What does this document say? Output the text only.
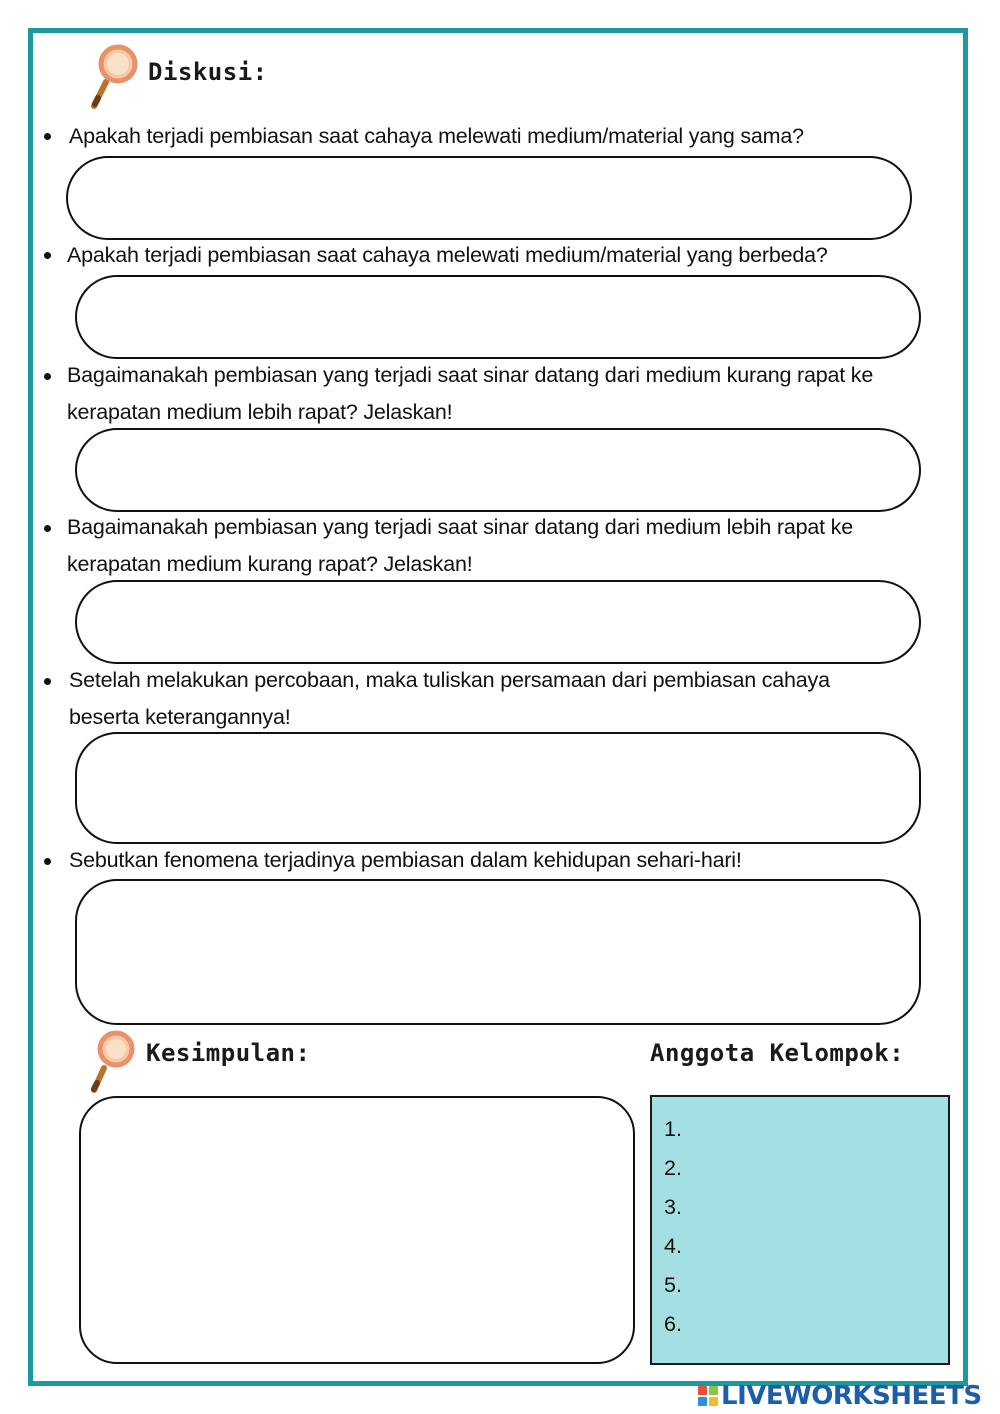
Diskusi:
Apakah terjadi pembiasan saat cahaya melewati medium/material yang sama?
Apakah terjadi pembiasan saat cahaya melewati medium/material yang berbeda?
Bagaimanakah pembiasan yang terjadi saat sinar datang dari medium kurang rapat ke
kerapatan medium lebih rapat? Jelaskan!
Bagaimanakah pembiasan yang terjadi saat sinar datang dari medium lebih rapat ke
kerapatan medium kurang rapat? Jelaskan!
Setelah melakukan percobaan, maka tuliskan persamaan dari pembiasan cahaya
beserta keterangannya!
Sebutkan fenomena terjadinya pembiasan dalam kehidupan sehari-hari!
Kesimpulan:	Anggota Kelompok:
1.
2.
3.
4.
5.
6.
LIVEWORKSHEETS
